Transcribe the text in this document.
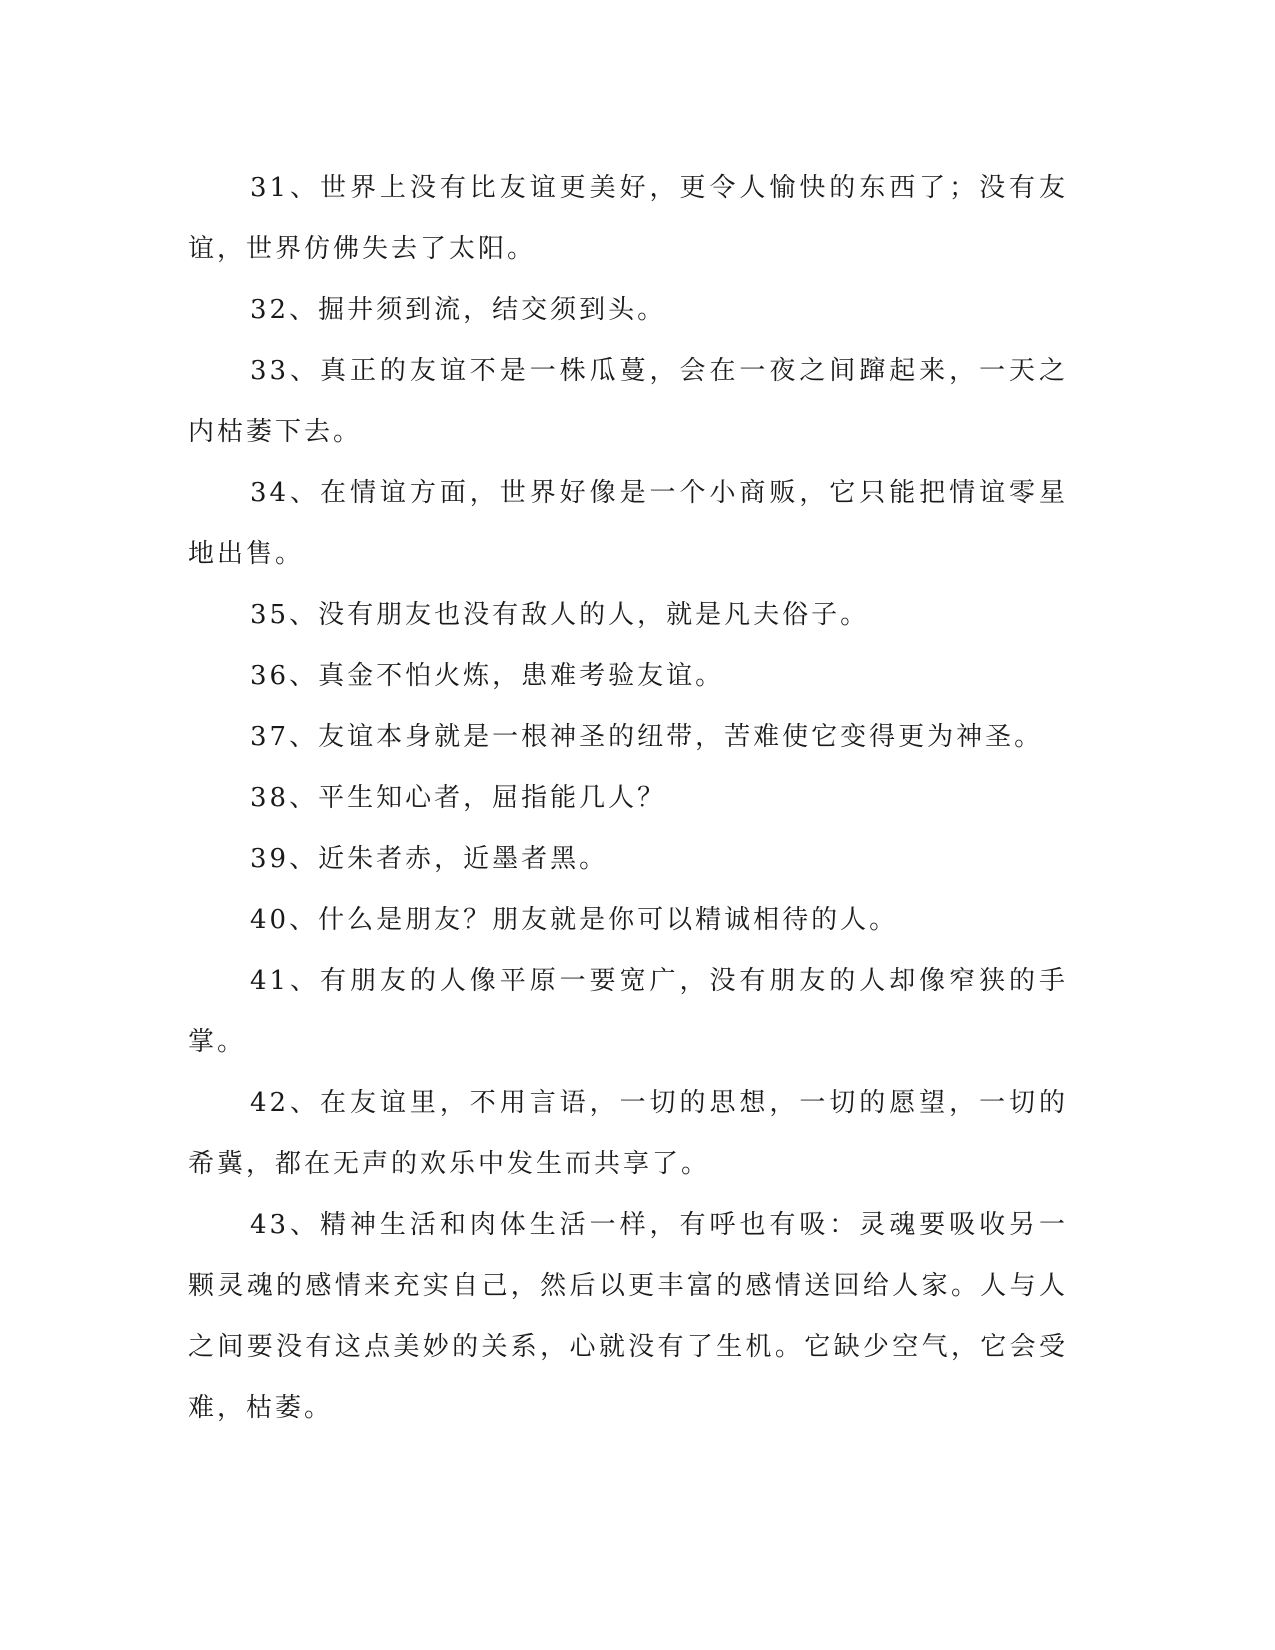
31、世界上没有比友谊更美好，更令人愉快的东西了；没有友谊，世界仿佛失去了太阳。

32、掘井须到流，结交须到头。

33、真正的友谊不是一株瓜蔓，会在一夜之间蹿起来，一天之内枯萎下去。

34、在情谊方面，世界好像是一个小商贩，它只能把情谊零星地出售。

35、没有朋友也没有敌人的人，就是凡夫俗子。

36、真金不怕火炼，患难考验友谊。

37、友谊本身就是一根神圣的纽带，苦难使它变得更为神圣。

38、平生知心者，屈指能几人？

39、近朱者赤，近墨者黑。

40、什么是朋友？朋友就是你可以精诚相待的人。

41、有朋友的人像平原一要宽广，没有朋友的人却像窄狭的手掌。

42、在友谊里，不用言语，一切的思想，一切的愿望，一切的希冀，都在无声的欢乐中发生而共享了。

43、精神生活和肉体生活一样，有呼也有吸：灵魂要吸收另一颗灵魂的感情来充实自己，然后以更丰富的感情送回给人家。人与人之间要没有这点美妙的关系，心就没有了生机。它缺少空气，它会受难，枯萎。
